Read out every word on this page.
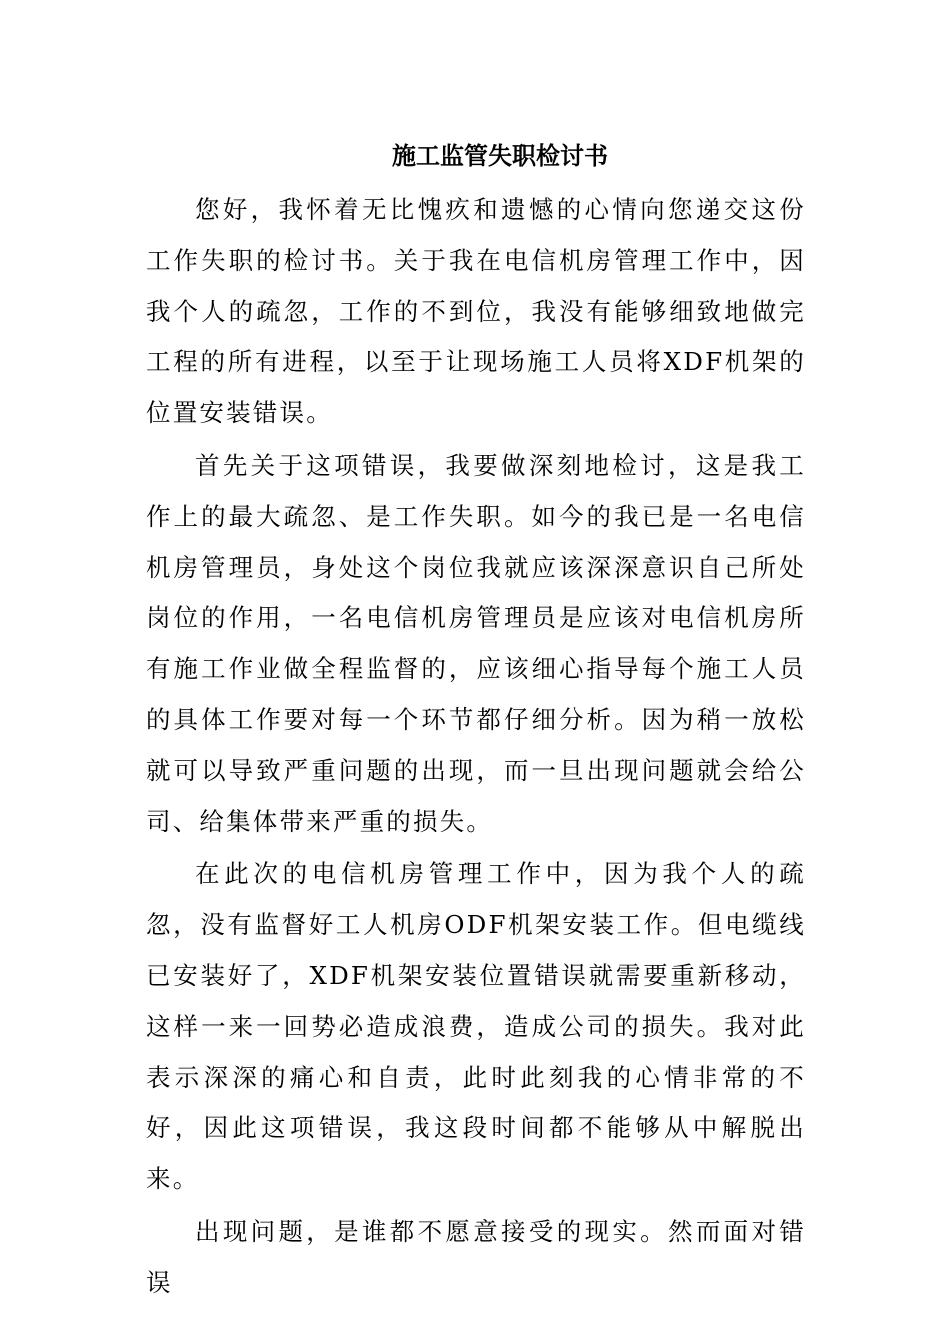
施工监管失职检讨书

您好，我怀着无比愧疚和遗憾的心情向您递交这份工作失职的检讨书。关于我在电信机房管理工作中，因我个人的疏忽，工作的不到位，我没有能够细致地做完工程的所有进程，以至于让现场施工人员将XDF机架的位置安装错误。

首先关于这项错误，我要做深刻地检讨，这是我工作上的最大疏忽、是工作失职。如今的我已是一名电信机房管理员，身处这个岗位我就应该深深意识自己所处岗位的作用，一名电信机房管理员是应该对电信机房所有施工作业做全程监督的，应该细心指导每个施工人员的具体工作要对每一个环节都仔细分析。因为稍一放松就可以导致严重问题的出现，而一旦出现问题就会给公司、给集体带来严重的损失。

在此次的电信机房管理工作中，因为我个人的疏忽，没有监督好工人机房ODF机架安装工作。但电缆线已安装好了，XDF机架安装位置错误就需要重新移动，这样一来一回势必造成浪费，造成公司的损失。我对此表示深深的痛心和自责，此时此刻我的心情非常的不好，因此这项错误，我这段时间都不能够从中解脱出来。

出现问题，是谁都不愿意接受的现实。然而面对错误
